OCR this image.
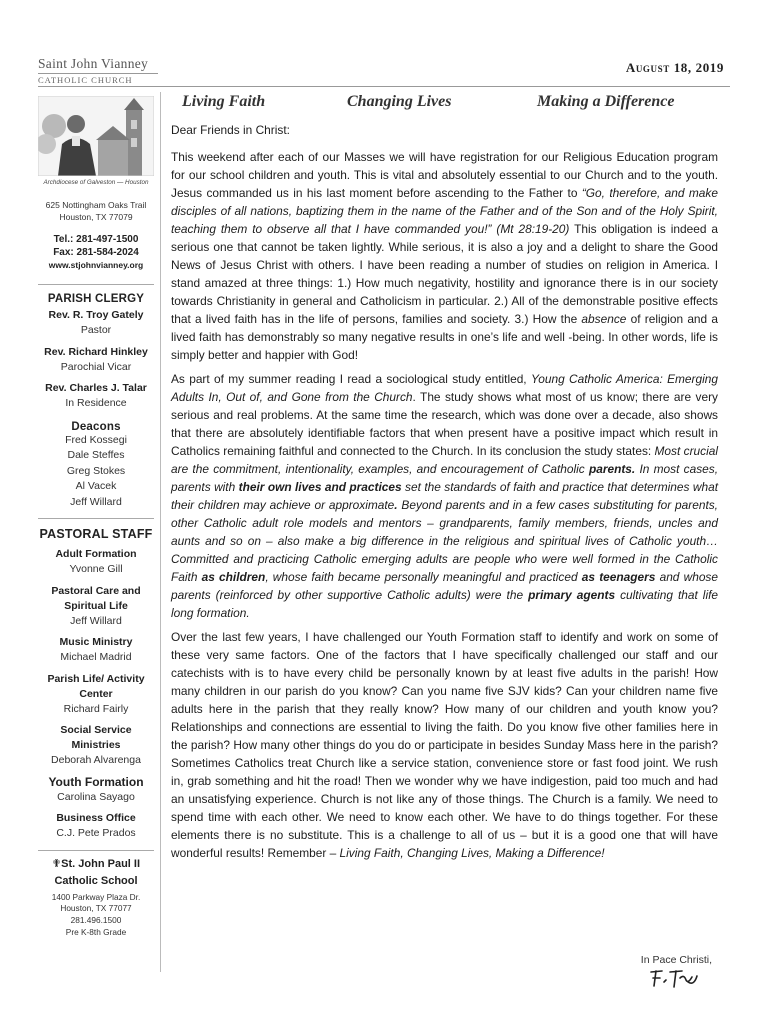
Saint John Vianney
CATHOLIC CHURCH
August 18, 2019
Archdiocese of Galveston — Houston
625 Nottingham Oaks Trail
Houston, TX 77079
Tel.: 281-497-1500
Fax: 281-584-2024
www.stjohnvianney.org
PARISH CLERGY
Rev. R. Troy Gately
Pastor
Rev. Richard Hinkley
Parochial Vicar
Rev. Charles J. Talar
In Residence
Deacons
Fred Kossegi
Dale Steffes
Greg Stokes
Al Vacek
Jeff Willard
PASTORAL STAFF
Adult Formation
Yvonne Gill
Pastoral Care and Spiritual Life
Jeff Willard
Music Ministry
Michael Madrid
Parish Life/ Activity Center
Richard Fairly
Social Service Ministries
Deborah Alvarenga
Youth Formation
Carolina Sayago
Business Office
C.J. Pete Prados
✟St. John Paul II
Catholic School
1400 Parkway Plaza Dr.
Houston, TX 77077
281.496.1500
Pre K-8th Grade
Living Faith	Changing Lives	Making a Difference

Dear Friends in Christ:

This weekend after each of our Masses we will have registration for our Religious Education program for our school children and youth. This is vital and absolutely essential to our Church and to the youth. Jesus commanded us in his last moment before ascending to the Father to “Go, therefore, and make disciples of all nations, baptizing them in the name of the Father and of the Son and of the Holy Spirit, teaching them to observe all that I have commanded you!” (Mt 28:19-20) This obligation is indeed a serious one that cannot be taken lightly. While serious, it is also a joy and a delight to share the Good News of Jesus Christ with others. I have been reading a number of studies on religion in America. I stand amazed at three things: 1.) How much negativity, hostility and ignorance there is in our society towards Christianity in general and Catholicism in particular. 2.) All of the demonstrable positive effects that a lived faith has in the life of persons, families and society. 3.) How the absence of religion and a lived faith has demonstrably so many negative results in one’s life and well -being. In other words, life is simply better and happier with God!

As part of my summer reading I read a sociological study entitled, Young Catholic America: Emerging Adults In, Out of, and Gone from the Church. The study shows what most of us know; there are very serious and real problems. At the same time the research, which was done over a decade, also shows that there are absolutely identifiable factors that when present have a positive impact which result in Catholics remaining faithful and connected to the Church. In its conclusion the study states: Most crucial are the commitment, intentionality, examples, and encouragement of Catholic parents. In most cases, parents with their own lives and practices set the standards of faith and practice that determines what their children may achieve or approximate. Beyond parents and in a few cases substituting for parents, other Catholic adult role models and mentors – grandparents, family members, friends, uncles and aunts and so on – also make a big difference in the religious and spiritual lives of Catholic youth… Committed and practicing Catholic emerging adults are people who were well formed in the Catholic Faith as children, whose faith became personally meaningful and practiced as teenagers and whose parents (reinforced by other supportive Catholic adults) were the primary agents cultivating that life long formation.

Over the last few years, I have challenged our Youth Formation staff to identify and work on some of these very same factors. One of the factors that I have specifically challenged our staff and our catechists with is to have every child be personally known by at least five adults in the parish! How many children in our parish do you know? Can you name five SJV kids? Can your children name five adults here in the parish that they really know? How many of our children and youth know you? Relationships and connections are essential to living the faith. Do you know five other families here in the parish? How many other things do you do or participate in besides Sunday Mass here in the parish? Sometimes Catholics treat Church like a service station, convenience store or fast food joint. We rush in, grab something and hit the road! Then we wonder why we have indigestion, paid too much and had an unsatisfying experience. Church is not like any of those things. The Church is a family. We need to spend time with each other. We need to know each other. We have to do things together. For these elements there is no substitute. This is a challenge to all of us – but it is a good one that will have wonderful results! Remember – Living Faith, Changing Lives, Making a Difference!

In Pace Christi,
